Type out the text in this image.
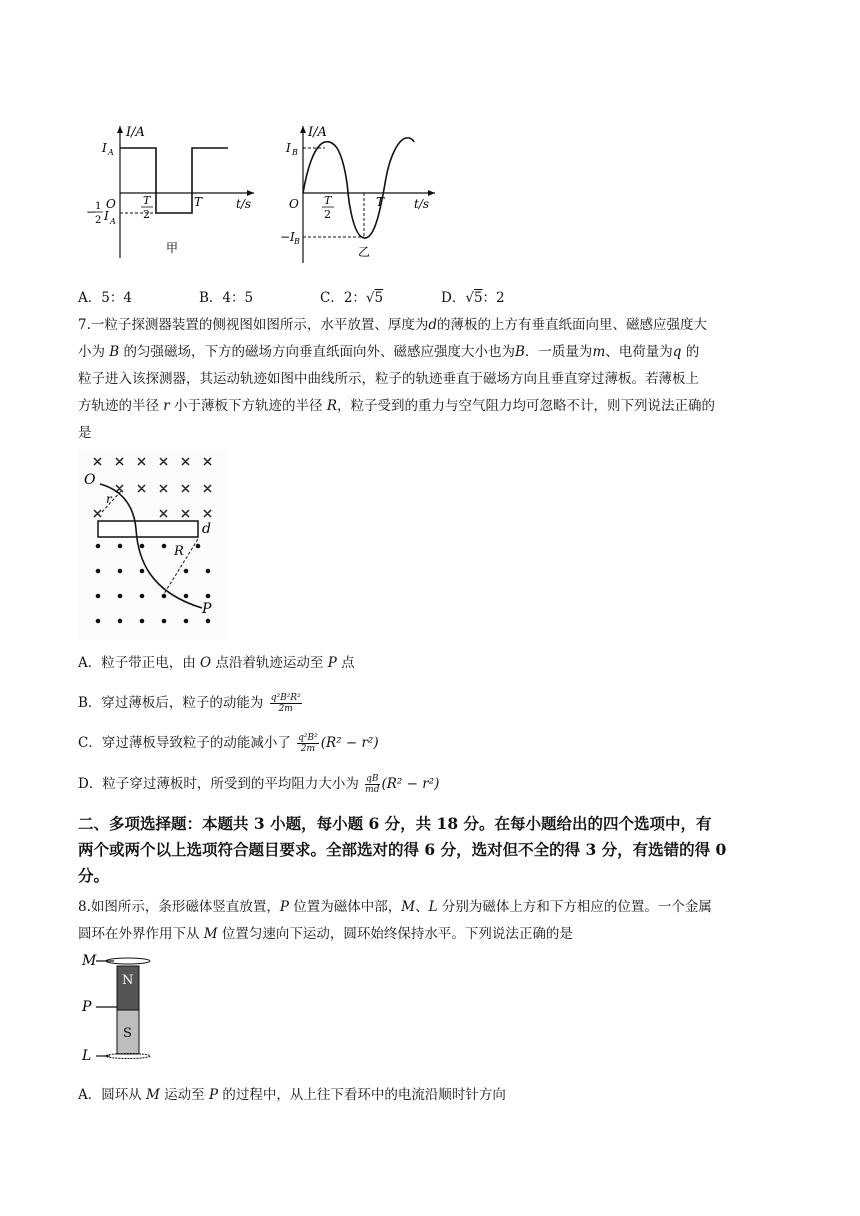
I/A
t/s
O
I A
−
1
2 I A
T
2
T
甲
I/A
t/s
O
I B
−I B
T
2
T
乙
A．5：4	B．4：5	C．2：√5	D．√5：2
7.一粒子探测器装置的侧视图如图所示，水平放置、厚度为d的薄板的上方有垂直纸面向里、磁感应强度大
小为 B 的匀强磁场，下方的磁场方向垂直纸面向外、磁感应强度大小也为B．一质量为m、电荷量为q 的
粒子进入该探测器，其运动轨迹如图中曲线所示，粒子的轨迹垂直于磁场方向且垂直穿过薄板。若薄板上
方轨迹的半径 r 小于薄板下方轨迹的半径 R，粒子受到的重力与空气阻力均可忽略不计，则下列说法正确的
是
O
r
d
R
P
A．粒子带正电，由 O 点沿着轨迹运动至 P 点
B．穿过薄板后，粒子的动能为 $\frac{\text{q²B²R²}}{2m}$
C．穿过薄板导致粒子的动能减小了 $\frac{\text{q²B²}}{2m} (R^2 - r^2)$
D．粒子穿过薄板时，所受到的平均阻力大小为 $\frac{qB}{md} (R^2 - r^2)$
二、多项选择题：本题共 3 小题，每小题 6 分，共 18 分。在每小题给出的四个选项中，有
两个或两个以上选项符合题目要求。全部选对的得 6 分，选对但不全的得 3 分，有选错的得 0
分。
8.如图所示，条形磁体竖直放置，P 位置为磁体中部，M、L 分别为磁体上方和下方相应的位置。一个金属
圆环在外界作用下从 M 位置匀速向下运动，圆环始终保持水平。下列说法正确的是
M
P
L
N
S
A．圆环从 M 运动至 P 的过程中，从上往下看环中的电流沿顺时针方向
